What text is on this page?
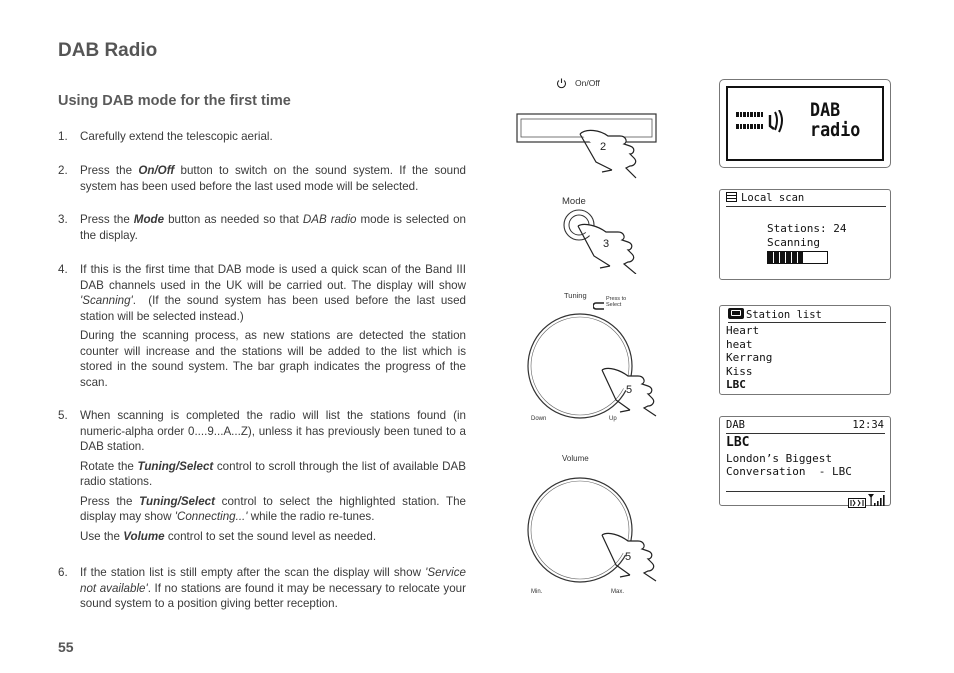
DAB Radio
Using DAB mode for the first time
1. Carefully extend the telescopic aerial.

2. Press the On/Off button to switch on the sound system. If the sound system has been used before the last used mode will be selected.

3. Press the Mode button as needed so that DAB radio mode is selected on the display.

4. If this is the first time that DAB mode is used a quick scan of the Band III DAB channels used in the UK will be carried out. The display will show 'Scanning'.  (If the sound system has been used before the last used station will be selected instead.)

During the scanning process, as new stations are detected the station counter will increase and the stations will be added to the list which is stored in the sound system. The bar graph indicates the progress of the scan.

5. When scanning is completed the radio will list the stations found (in numeric-alpha order 0....9...A...Z), unless it has previously been tuned to a DAB station.

Rotate the Tuning/Select control to scroll through the list of available DAB radio stations.

Press the Tuning/Select control to select the highlighted station. The display may show 'Connecting...' while the radio re-tunes.

Use the Volume control to set the sound level as needed.

6. If the station list is still empty after the scan the display will show 'Service not available'. If no stations are found it may be necessary to relocate your sound system to a position giving better reception.

55
On/Off
2
Mode
3
Tuning	Press to Select
5
Down	Up
Volume
5
Min.	Max.
DAB
radio
Local scan
Stations: 24
Scanning
Station list
Heart
heat
Kerrang
Kiss
LBC
DAB	12:34
LBC
London’s Biggest
Conversation  - LBC
